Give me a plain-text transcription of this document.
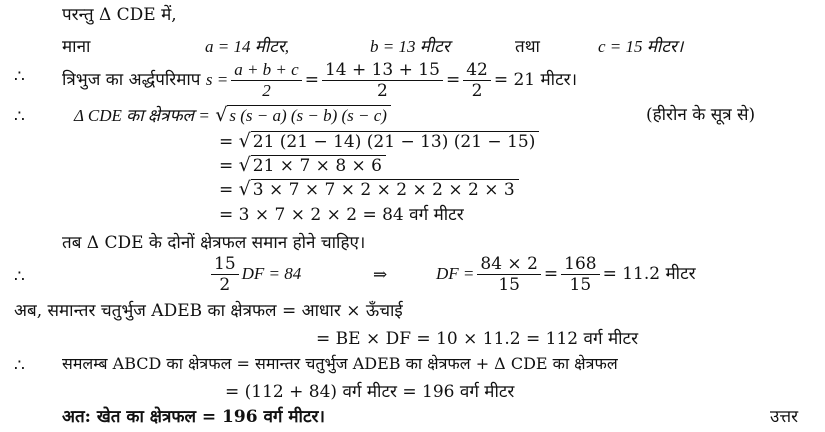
परन्तु Δ CDE में,
माना	a = 14 मीटर,	b = 13 मीटर	तथा	c = 15 मीटर।
∴ त्रिभुज का अर्द्धपरिमाप
$s = \frac{a + b + c}{2} = \frac{14 + 13 + 15}{2} = \frac{42}{2} = 21$ मीटर।
∴	Δ CDE का क्षेत्रफल = √ s (s − a) (s − b) (s − c)	(हीरोन के सूत्र से)
= √ 21 (21 − 14) (21 − 13) (21 − 15)
= √ 21 × 7 × 8 × 6
= √ 3 × 7 × 7 × 2 × 2 × 2 × 2 × 3
= 3 × 7 × 2 × 2 = 84 वर्ग मीटर
तब Δ CDE के दोनों क्षेत्रफल समान होने चाहिए।
∴	$\frac{15}{2}$ DF = 84	⇒	DF = $\frac{84 \times 2}{15} = \frac{168}{15} = 11.2$ मीटर
अब, समान्तर चतुर्भुज ADEB का क्षेत्रफल = आधार × ऊँचाई
= BE × DF = 10 × 11.2 = 112 वर्ग मीटर
∴ समलम्ब ABCD का क्षेत्रफल = समान्तर चतुर्भुज ADEB का क्षेत्रफल + Δ CDE का क्षेत्रफल
= (112 + 84) वर्ग मीटर = 196 वर्ग मीटर
अत: खेत का क्षेत्रफल = 196 वर्ग मीटर।	उत्तर
